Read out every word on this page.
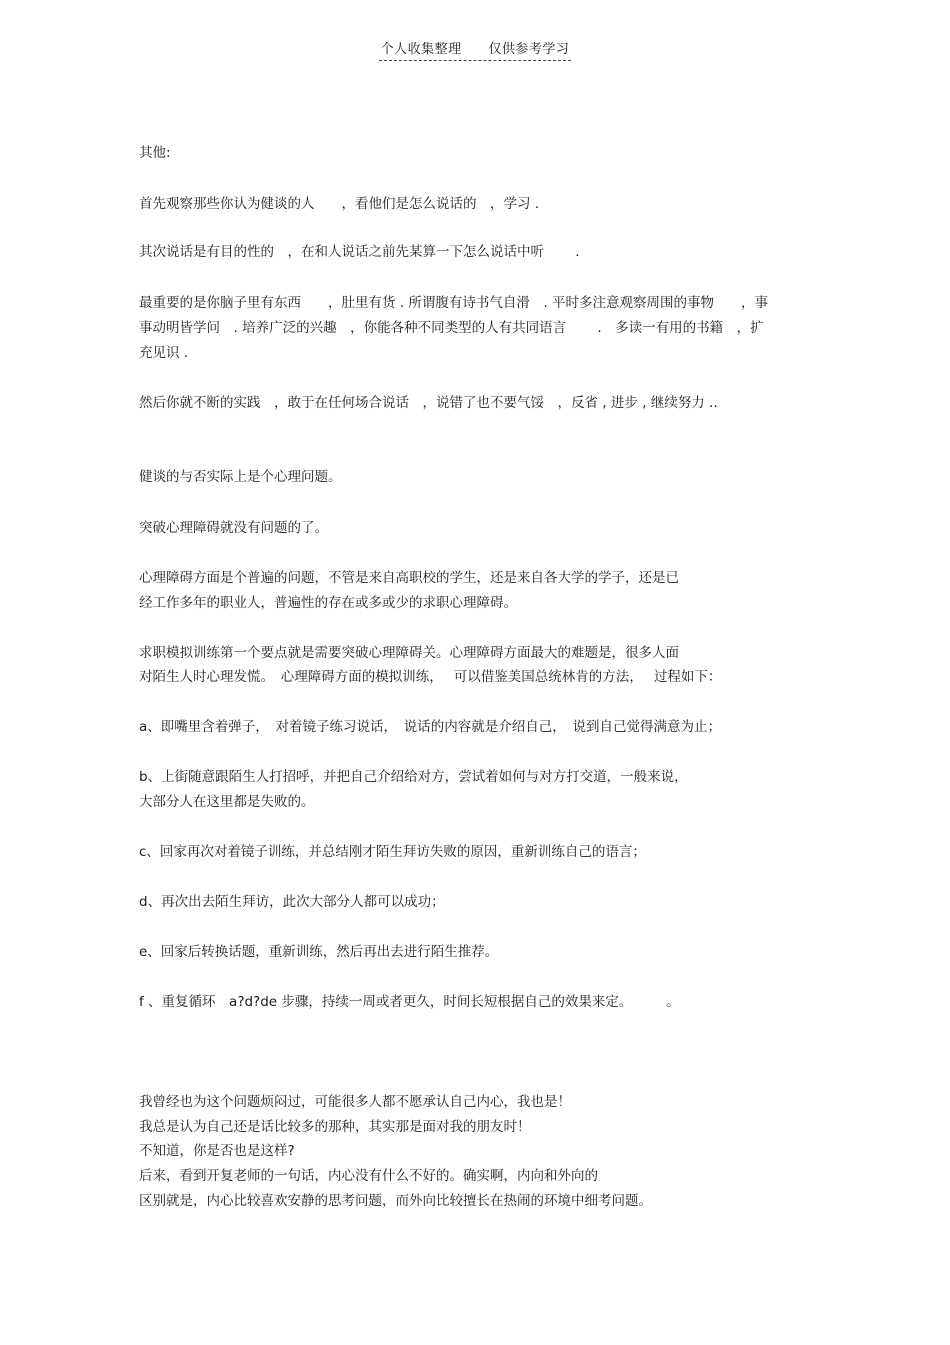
个人收集整理 仅供参考学习
其他:
首先观察那些你认为健谈的人　　，看他们是怎么说话的　，学习 .
其次说话是有目的性的　，在和人说话之前先某算一下怎么说话中听　　 .
最重要的是你脑子里有东西　　，肚里有货 . 所谓腹有诗书气自滑　. 平时多注意观察周围的事物　　，事
事动明皆学问　. 培养广泛的兴趣　，你能各种不同类型的人有共同语言　　 .　多读一有用的书籍　，扩
充见识 .
然后你就不断的实践　，敢于在任何场合说话　，说错了也不要气馁　，反省 , 进步 , 继续努力 ..
健谈的与否实际上是个心理问题。
突破心理障碍就没有问题的了。
心理障碍方面是个普遍的问题，不管是来自高职校的学生，还是来自各大学的学子，还是已
经工作多年的职业人，普遍性的存在或多或少的求职心理障碍。
求职模拟训练第一个要点就是需要突破心理障碍关。心理障碍方面最大的难题是，很多人面
对陌生人时心理发慌。　心理障碍方面的模拟训练，　 可以借鉴美国总统林肯的方法，　 过程如下：
a、即嘴里含着弹子，　对着镜子练习说话，　说话的内容就是介绍自己，　说到自己觉得满意为止；
b、上街随意跟陌生人打招呼，并把自己介绍给对方，尝试着如何与对方打交道，一般来说，
大部分人在这里都是失败的。
c、回家再次对着镜子训练，并总结刚才陌生拜访失败的原因，重新训练自己的语言；
d、再次出去陌生拜访，此次大部分人都可以成功；
e、回家后转换话题，重新训练，然后再出去进行陌生推荐。
f 、重复循环　a?d?de 步骤，持续一周或者更久，时间长短根据自己的效果来定。　　　。
我曾经也为这个问题烦闷过，可能很多人都不愿承认自己内心，我也是！
我总是认为自己还是话比较多的那种，其实那是面对我的朋友时！
不知道，你是否也是这样?
后来，看到开复老师的一句话，内心没有什么不好的。确实啊，内向和外向的
区别就是，内心比较喜欢安静的思考问题，而外向比较擅长在热闹的环境中细考问题。
